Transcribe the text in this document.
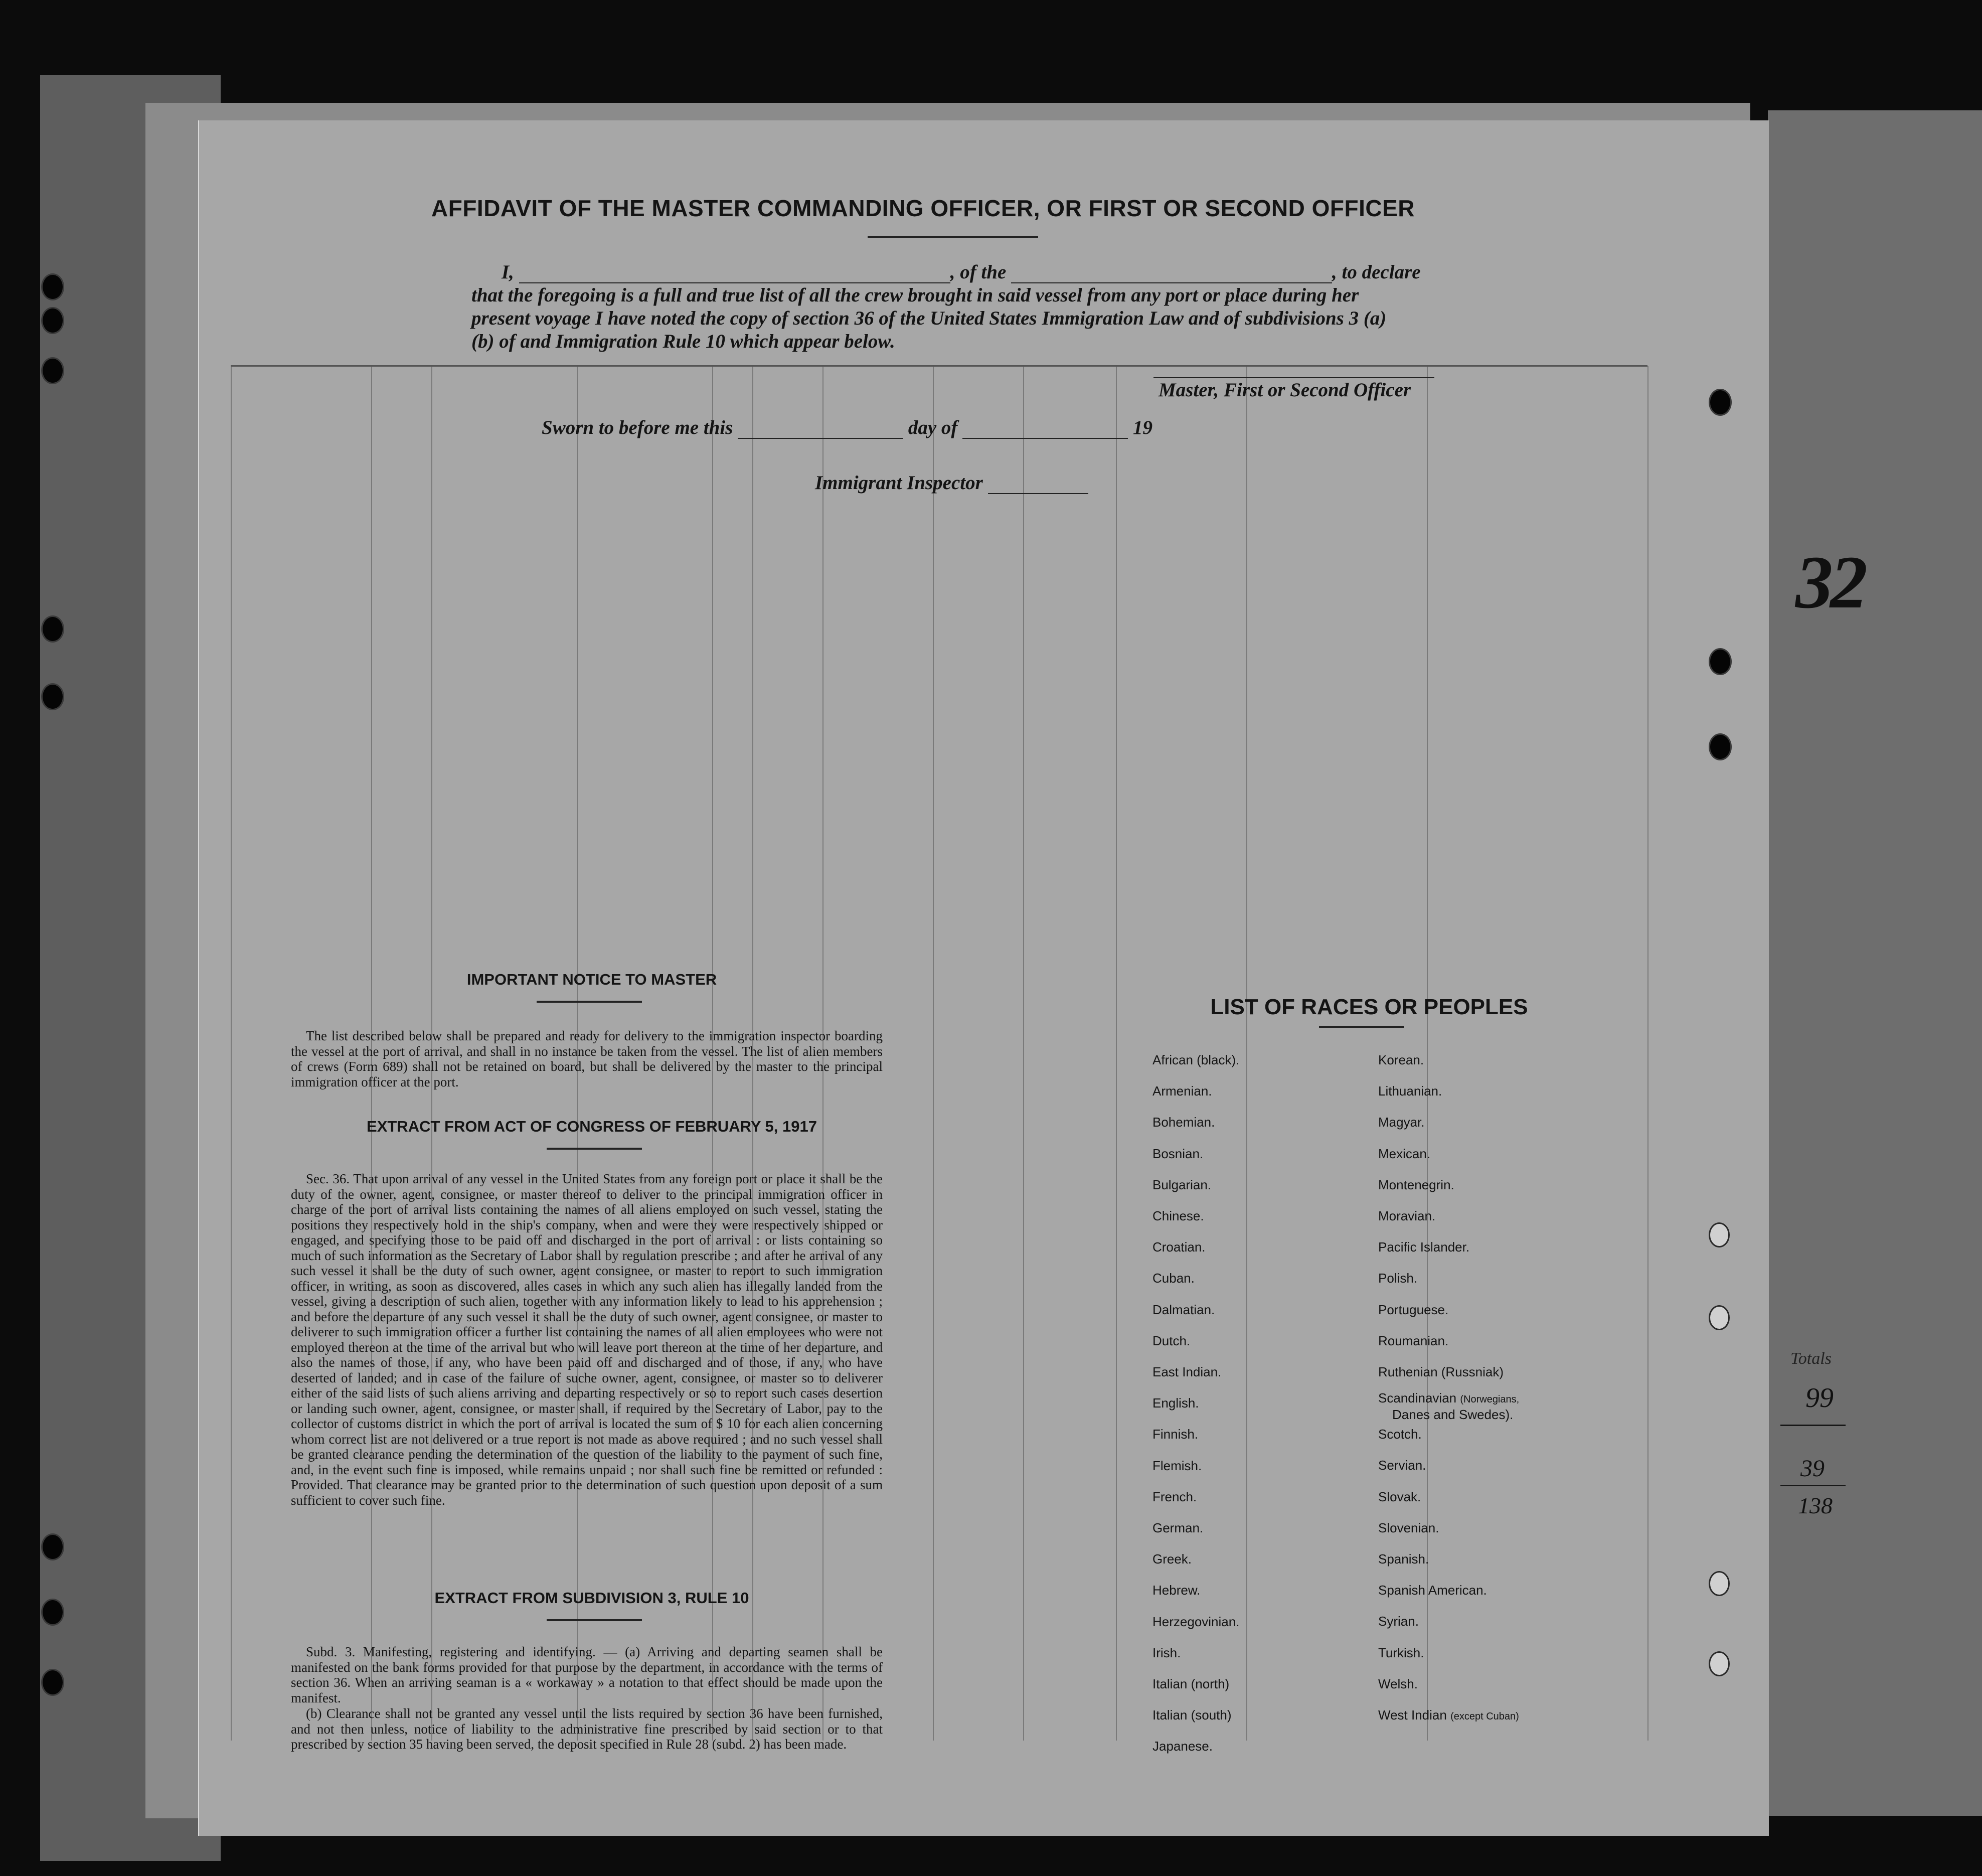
AFFIDAVIT OF THE MASTER COMMANDING OFFICER, OR FIRST OR SECOND OFFICER
I,	, of the	, to declare
that the foregoing is a full and true list of all the crew brought in said vessel from any port or place during her
present voyage I have noted the copy of section 36 of the United States Immigration Law and of subdivisions 3 (a)
(b) of and Immigration Rule 10 which appear below.
Master, First or Second Officer
Sworn to before me this	day of	19
Immigrant Inspector
IMPORTANT NOTICE TO MASTER
The list described below shall be prepared and ready for delivery to the immigration inspector boarding the vessel at the port of arrival, and shall in no instance be taken from the vessel. The list of alien members of crews (Form 689) shall not be retained on board, but shall be delivered by the master to the principal immigration officer at the port.
EXTRACT FROM ACT OF CONGRESS OF FEBRUARY 5, 1917
Sec. 36. That upon arrival of any vessel in the United States from any foreign port or place it shall be the duty of the owner, agent, consignee, or master thereof to deliver to the principal immigration officer in charge of the port of arrival lists containing the names of all aliens employed on such vessel, stating the positions they respectively hold in the ship's company, when and were they were respectively shipped or engaged, and specifying those to be paid off and discharged in the port of arrival : or lists containing so much of such information as the Secretary of Labor shall by regulation prescribe ; and after he arrival of any such vessel it shall be the duty of such owner, agent consignee, or master to report to such immigration officer, in writing, as soon as discovered, alles cases in which any such alien has illegally landed from the vessel, giving a description of such alien, together with any information likely to lead to his apprehension ; and before the departure of any such vessel it shall be the duty of such owner, agent consignee, or master to deliverer to such immigration officer a further list containing the names of all alien employees who were not employed thereon at the time of the arrival but who will leave port thereon at the time of her departure, and also the names of those, if any, who have been paid off and discharged and of those, if any, who have deserted of landed; and in case of the failure of suche owner, agent, consignee, or master so to deliverer either of the said lists of such aliens arriving and departing respectively or so to report such cases desertion or landing such owner, agent, consignee, or master shall, if required by the Secretary of Labor, pay to the collector of customs district in which the port of arrival is located the sum of $ 10 for each alien concerning whom correct list are not delivered or a true report is not made as above required ; and no such vessel shall be granted clearance pending the determination of the question of the liability to the payment of such fine, and, in the event such fine is imposed, while remains unpaid ; nor shall such fine be remitted or refunded : Provided. That clearance may be granted prior to the determination of such question upon deposit of a sum sufficient to cover such fine.
EXTRACT FROM SUBDIVISION 3, RULE 10
Subd. 3. Manifesting, registering and identifying. — (a) Arriving and departing seamen shall be manifested on the bank forms provided for that purpose by the department, in accordance with the terms of section 36. When an arriving seaman is a « workaway » a notation to that effect should be made upon the manifest.
(b) Clearance shall not be granted any vessel until the lists required by section 36 have been furnished, and not then unless, notice of liability to the administrative fine prescribed by said section or to that prescribed by section 35 having been served, the deposit specified in Rule 28 (subd. 2) has been made.
LIST OF RACES OR PEOPLES
African (black).
Armenian.
Bohemian.
Bosnian.
Bulgarian.
Chinese.
Croatian.
Cuban.
Dalmatian.
Dutch.
East Indian.
English.
Finnish.
Flemish.
French.
German.
Greek.
Hebrew.
Herzegovinian.
Irish.
Italian (north)
Italian (south)
Japanese.
Korean.
Lithuanian.
Magyar.
Mexican.
Montenegrin.
Moravian.
Pacific Islander.
Polish.
Portuguese.
Roumanian.
Ruthenian (Russniak)
Scandinavian (Norwegians,
Danes and Swedes).
Scotch.
Servian.
Slovak.
Slovenian.
Spanish.
Spanish American.
Syrian.
Turkish.
Welsh.
West Indian (except Cuban)
32
Totals
99
39
138
